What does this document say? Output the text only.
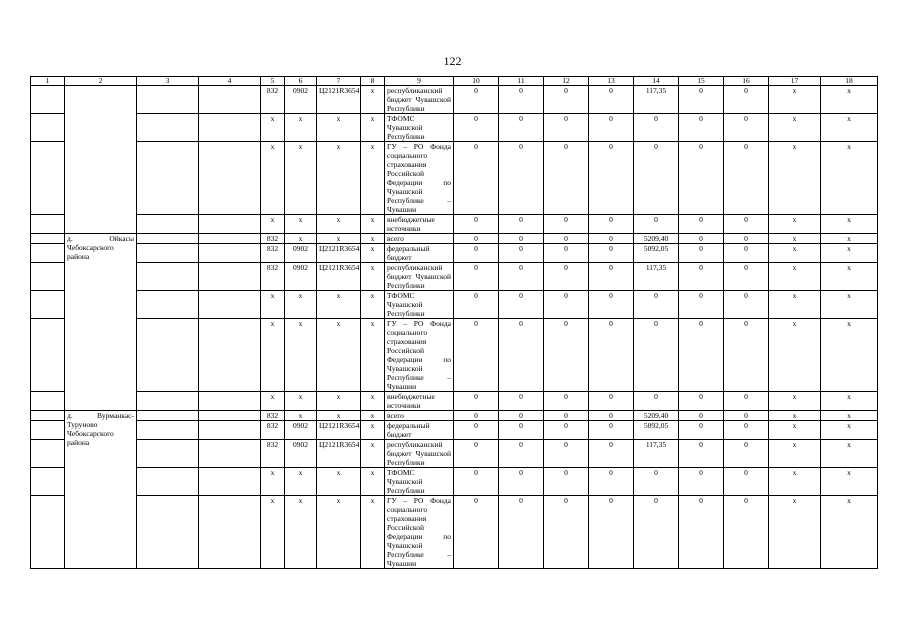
122
1	2	3	4	5	6	7	8	9	10	11	12	13	14	15	16	17	18
				832	0902	Ц2121R3654	x	республиканский бюджет Чувашской Республики	0	0	0	0	117,35	0	0	x	x
				x	x	x	x	ТФОМС Чувашской Республики	0	0	0	0	0	0	0	x	x
				x	x	x	x	ГУ – РО Фонда социального страхования Российской Федерации по Чувашской Республике – Чувашии	0	0	0	0	0	0	0	x	x
				x	x	x	x	внебюджетные источники	0	0	0	0	0	0	0	x	x
	д. Ойкасы Чебоксарского района			832	x	x	x	всего	0	0	0	0	5209,40	0	0	x	x
				832	0902	Ц2121R3654	x	федеральный бюджет	0	0	0	0	5092,05	0	0	x	x
				832	0902	Ц2121R3654	x	республиканский бюджет Чувашской Республики	0	0	0	0	117,35	0	0	x	x
				x	x	x	x	ТФОМС Чувашской Республики	0	0	0	0	0	0	0	x	x
				x	x	x	x	ГУ – РО Фонда социального страхования Российской Федерации по Чувашской Республике – Чувашии	0	0	0	0	0	0	0	x	x
				x	x	x	x	внебюджетные источники	0	0	0	0	0	0	0	x	x
	д. Вурманкас-Туруново Чебоксарского района			832	x	x	x	всего	0	0	0	0	5209,40	0	0	x	x
				832	0902	Ц2121R3654	x	федеральный бюджет	0	0	0	0	5092,05	0	0	x	x
				832	0902	Ц2121R3654	x	республиканский бюджет Чувашской Республики	0	0	0	0	117,35	0	0	x	x
				x	x	x	x	ТФОМС Чувашской Республики	0	0	0	0	0	0	0	x	x
				x	x	x	x	ГУ – РО Фонда социального страхования Российской Федерации по Чувашской Республике – Чувашии	0	0	0	0	0	0	0	x	x
